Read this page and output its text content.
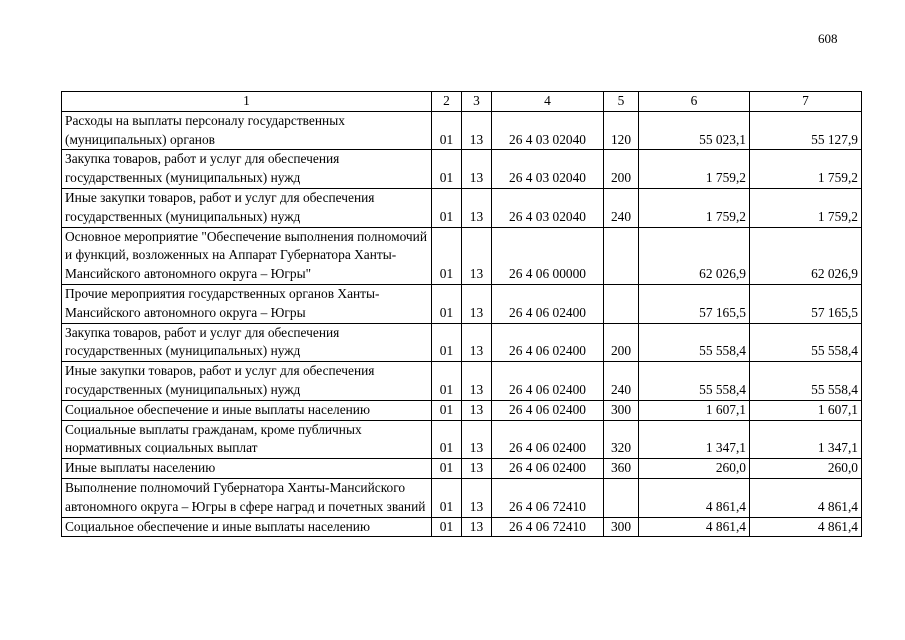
608
1	2	3	4	5	6	7
Расходы на выплаты персоналу государственных (муниципальных) органов	01	13	26 4 03 02040	120	55 023,1	55 127,9
Закупка товаров, работ и услуг для обеспечения государственных (муниципальных) нужд	01	13	26 4 03 02040	200	1 759,2	1 759,2
Иные закупки товаров, работ и услуг для обеспечения государственных (муниципальных) нужд	01	13	26 4 03 02040	240	1 759,2	1 759,2
Основное мероприятие "Обеспечение выполнения полномочий и функций, возложенных на Аппарат Губернатора Ханты-Мансийского автономного округа – Югры"	01	13	26 4 06 00000		62 026,9	62 026,9
Прочие мероприятия государственных органов Ханты-Мансийского автономного округа – Югры	01	13	26 4 06 02400		57 165,5	57 165,5
Закупка товаров, работ и услуг для обеспечения государственных (муниципальных) нужд	01	13	26 4 06 02400	200	55 558,4	55 558,4
Иные закупки товаров, работ и услуг для обеспечения государственных (муниципальных) нужд	01	13	26 4 06 02400	240	55 558,4	55 558,4
Социальное обеспечение и иные выплаты населению	01	13	26 4 06 02400	300	1 607,1	1 607,1
Социальные выплаты гражданам, кроме публичных нормативных социальных выплат	01	13	26 4 06 02400	320	1 347,1	1 347,1
Иные выплаты населению	01	13	26 4 06 02400	360	260,0	260,0
Выполнение полномочий Губернатора Ханты-Мансийского автономного округа – Югры в сфере наград и почетных званий	01	13	26 4 06 72410		4 861,4	4 861,4
Социальное обеспечение и иные выплаты населению	01	13	26 4 06 72410	300	4 861,4	4 861,4
